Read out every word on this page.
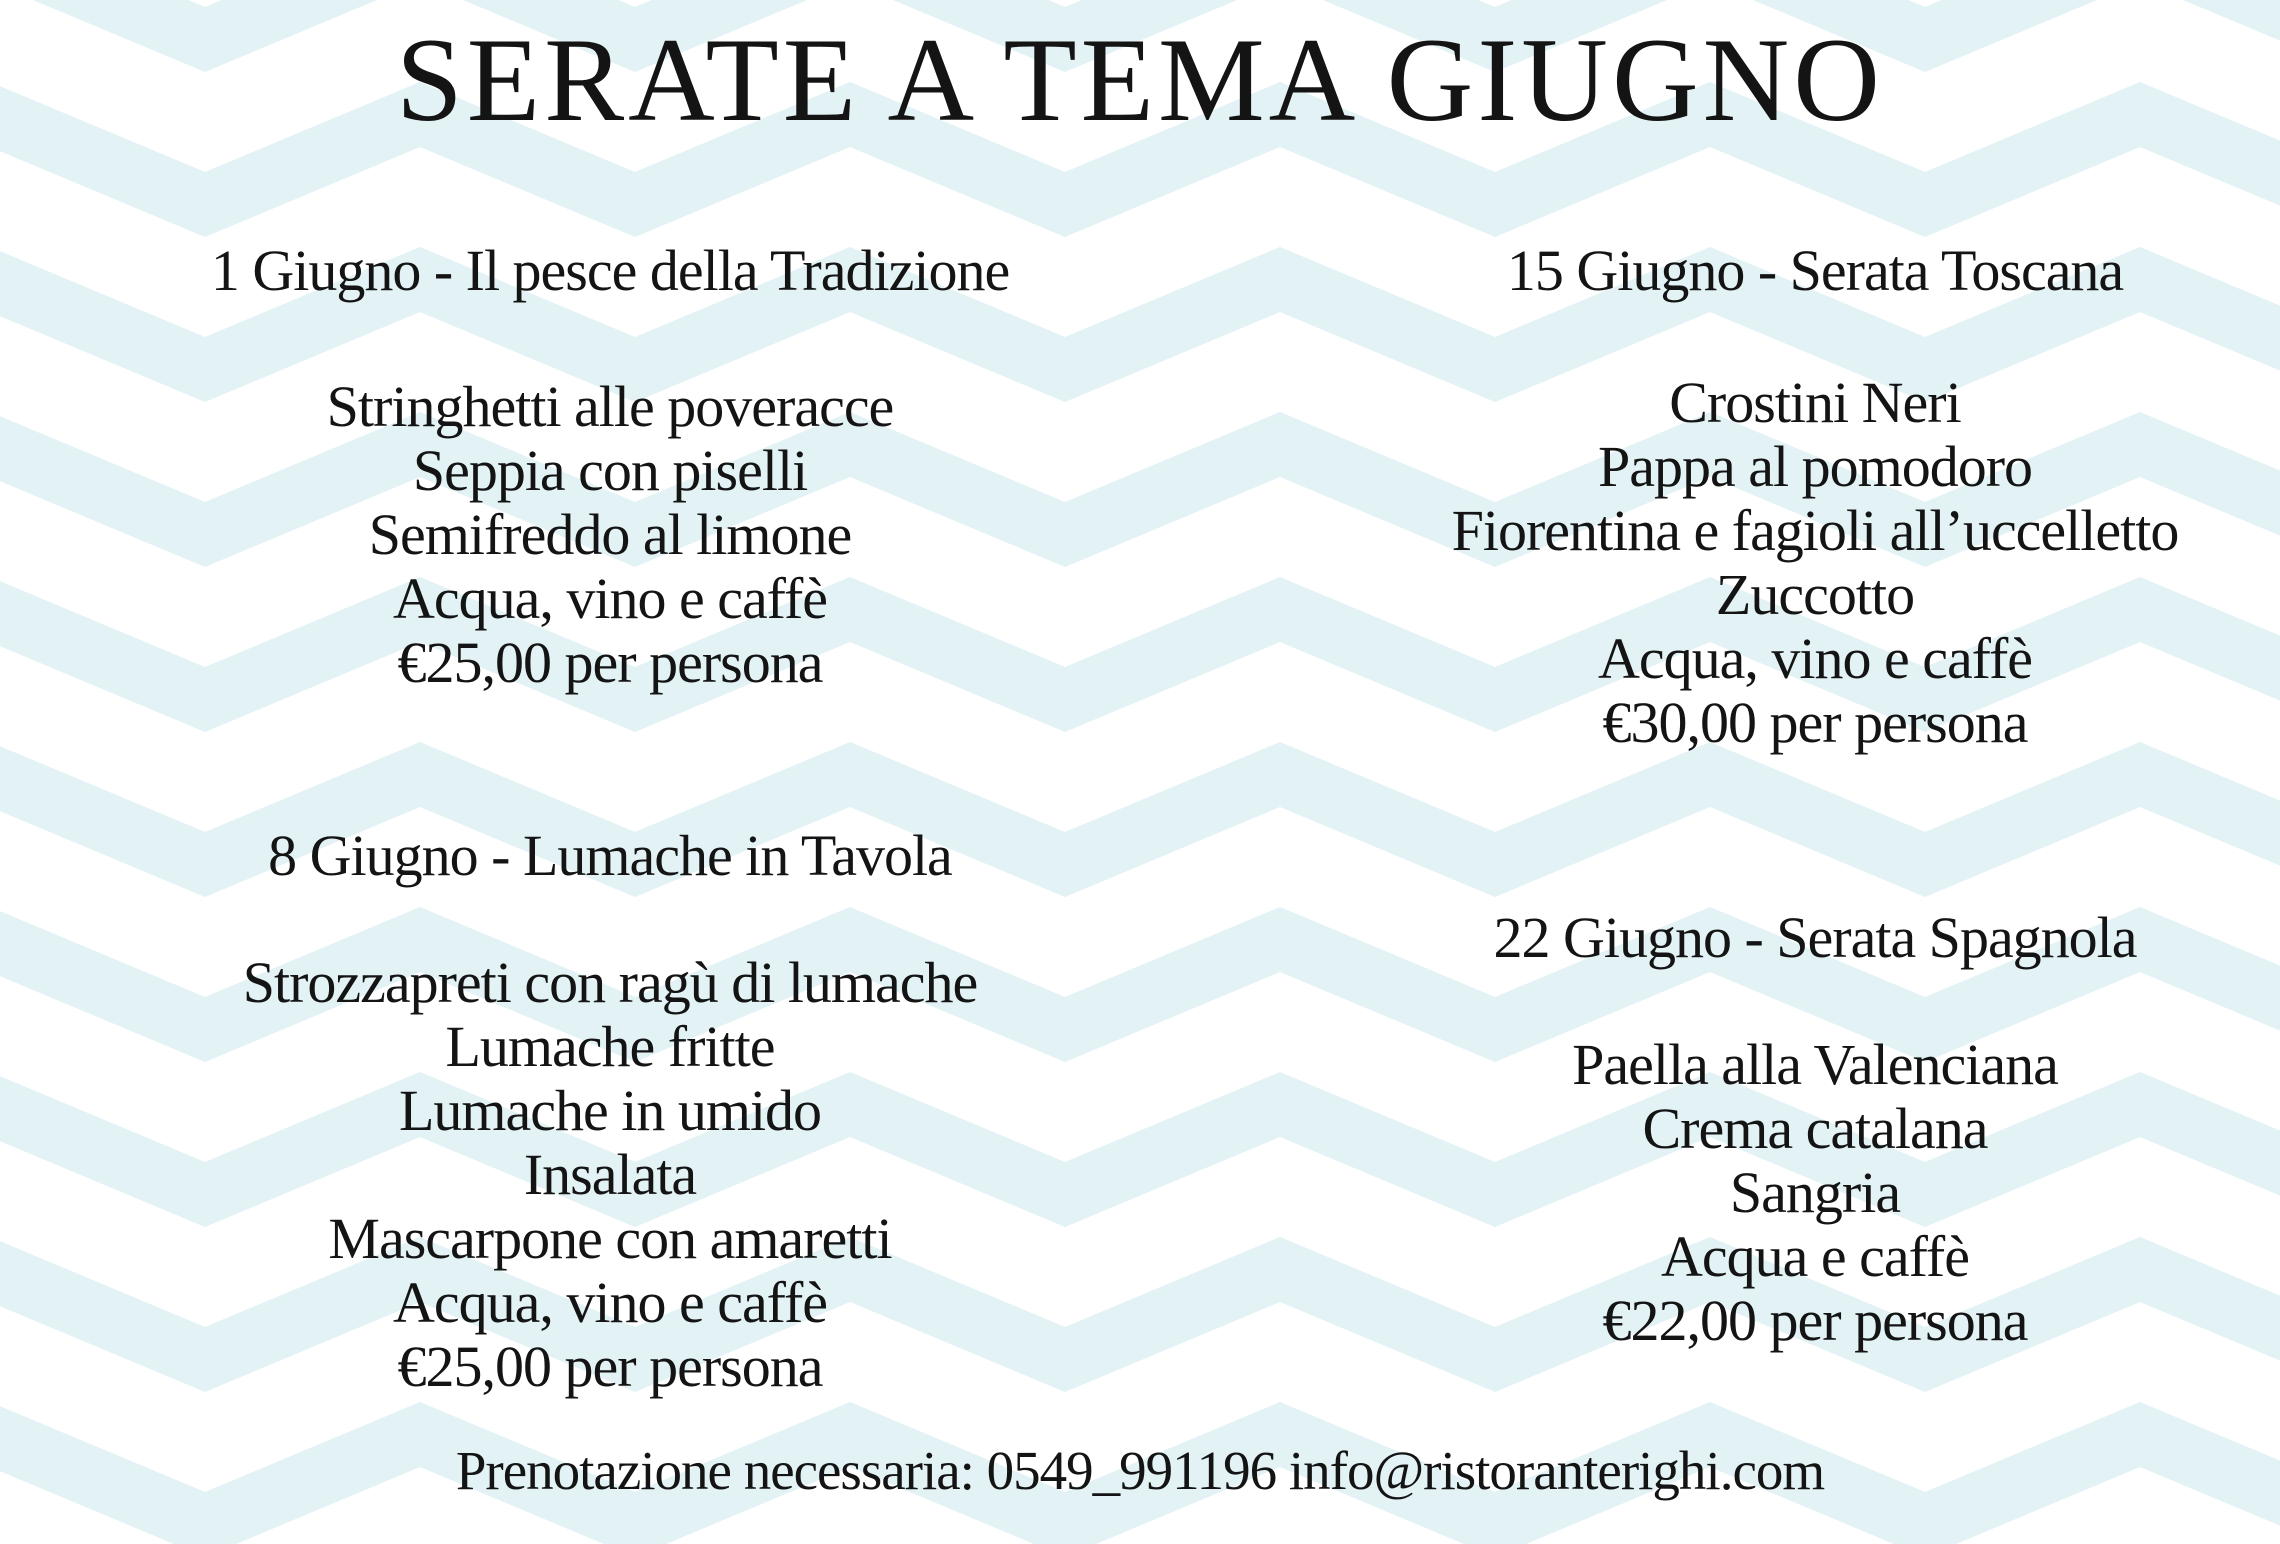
SERATE A TEMA GIUGNO
1 Giugno - Il pesce della Tradizione
Stringhetti alle poveracce
Seppia con piselli
Semifreddo al limone
Acqua, vino e caffè
€25,00 per persona
8 Giugno - Lumache in Tavola
Strozzapreti con ragù di lumache
Lumache fritte
Lumache in umido
Insalata
Mascarpone con amaretti
Acqua, vino e caffè
€25,00 per persona
15 Giugno - Serata Toscana
Crostini Neri
Pappa al pomodoro
Fiorentina e fagioli all’uccelletto
Zuccotto
Acqua, vino e caffè
€30,00 per persona
22 Giugno - Serata Spagnola
Paella alla Valenciana
Crema catalana
Sangria
Acqua e caffè
€22,00 per persona
Prenotazione necessaria: 0549_991196 info@ristoranterighi.com
